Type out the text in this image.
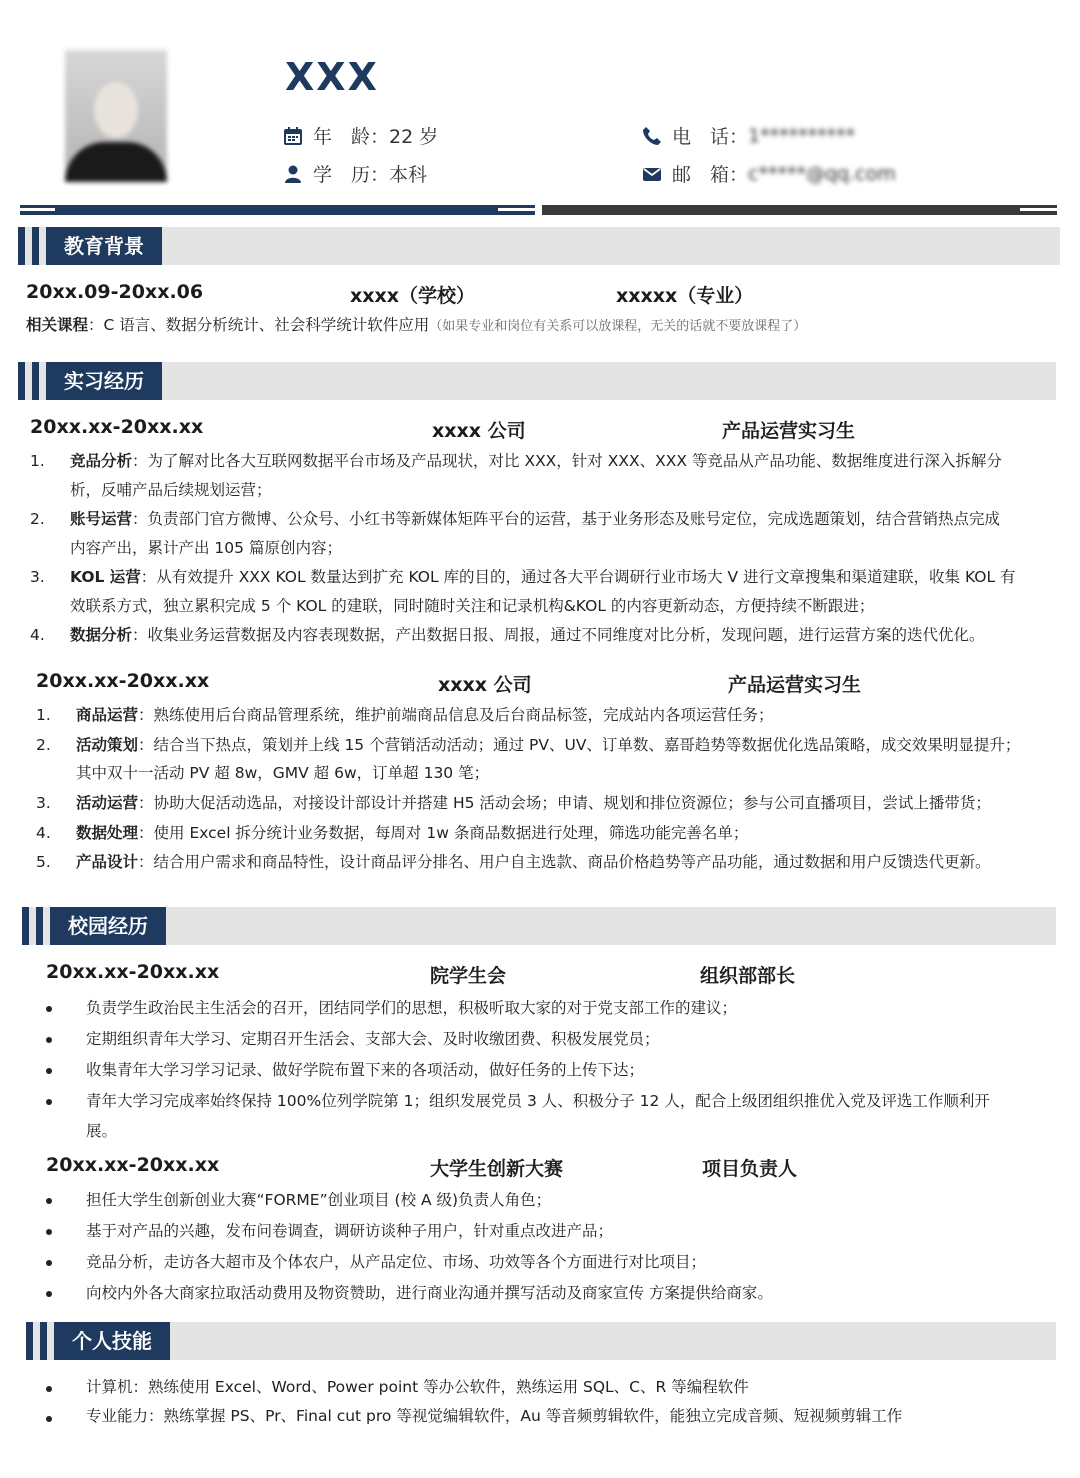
XXX
年　龄： 22 岁
学　历： 本科
电　话： 1**********
邮　箱： c*****@qq.com
教育背景
20xx.09-20xx.06	xxxx（学校）	xxxxx（专业）
相关课程：C 语言、数据分析统计、社会科学统计软件应用（如果专业和岗位有关系可以放课程，无关的话就不要放课程了）
实习经历
20xx.xx-20xx.xx	xxxx 公司	产品运营实习生
1. 竞品分析：为了解对比各大互联网数据平台市场及产品现状，对比 XXX，针对 XXX、XXX 等竞品从产品功能、数据维度进行深入拆解分
析，反哺产品后续规划运营；
2. 账号运营：负责部门官方微博、公众号、小红书等新媒体矩阵平台的运营，基于业务形态及账号定位，完成选题策划，结合营销热点完成
内容产出，累计产出 105 篇原创内容；
3. KOL 运营：从有效提升 XXX KOL 数量达到扩充 KOL 库的目的，通过各大平台调研行业市场大 V 进行文章搜集和渠道建联，收集 KOL 有
效联系方式，独立累积完成 5 个 KOL 的建联，同时随时关注和记录机构&KOL 的内容更新动态，方便持续不断跟进；
4. 数据分析：收集业务运营数据及内容表现数据，产出数据日报、周报，通过不同维度对比分析，发现问题，进行运营方案的迭代优化。
20xx.xx-20xx.xx	xxxx 公司	产品运营实习生
1. 商品运营：熟练使用后台商品管理系统，维护前端商品信息及后台商品标签，完成站内各项运营任务；
2. 活动策划：结合当下热点，策划并上线 15 个营销活动活动；通过 PV、UV、订单数、嘉哥趋势等数据优化选品策略，成交效果明显提升；
其中双十一活动 PV 超 8w，GMV 超 6w，订单超 130 笔；
3. 活动运营：协助大促活动选品，对接设计部设计并搭建 H5 活动会场；申请、规划和排位资源位；参与公司直播项目，尝试上播带货；
4. 数据处理：使用 Excel 拆分统计业务数据，每周对 1w 条商品数据进行处理，筛选功能完善名单；
5. 产品设计：结合用户需求和商品特性，设计商品评分排名、用户自主选款、商品价格趋势等产品功能，通过数据和用户反馈迭代更新。
校园经历
20xx.xx-20xx.xx	院学生会	组织部部长
负责学生政治民主生活会的召开，团结同学们的思想，积极听取大家的对于党支部工作的建议；
定期组织青年大学习、定期召开生活会、支部大会、及时收缴团费、积极发展党员；
收集青年大学习学习记录、做好学院布置下来的各项活动，做好任务的上传下达；
青年大学习完成率始终保持 100%位列学院第 1；组织发展党员 3 人、积极分子 12 人，配合上级团组织推优入党及评选工作顺利开
展。
20xx.xx-20xx.xx	大学生创新大赛	项目负责人
担任大学生创新创业大赛“FORME”创业项目 (校 A 级)负责人角色；
基于对产品的兴趣，发布问卷调查，调研访谈种子用户，针对重点改进产品；
竞品分析，走访各大超市及个体农户，从产品定位、市场、功效等各个方面进行对比项目；
向校内外各大商家拉取活动费用及物资赞助，进行商业沟通并撰写活动及商家宣传 方案提供给商家。
个人技能
计算机：熟练使用 Excel、Word、Power point 等办公软件，熟练运用 SQL、C、R 等编程软件
专业能力：熟练掌握 PS、Pr、Final cut pro 等视觉编辑软件，Au 等音频剪辑软件，能独立完成音频、短视频剪辑工作
